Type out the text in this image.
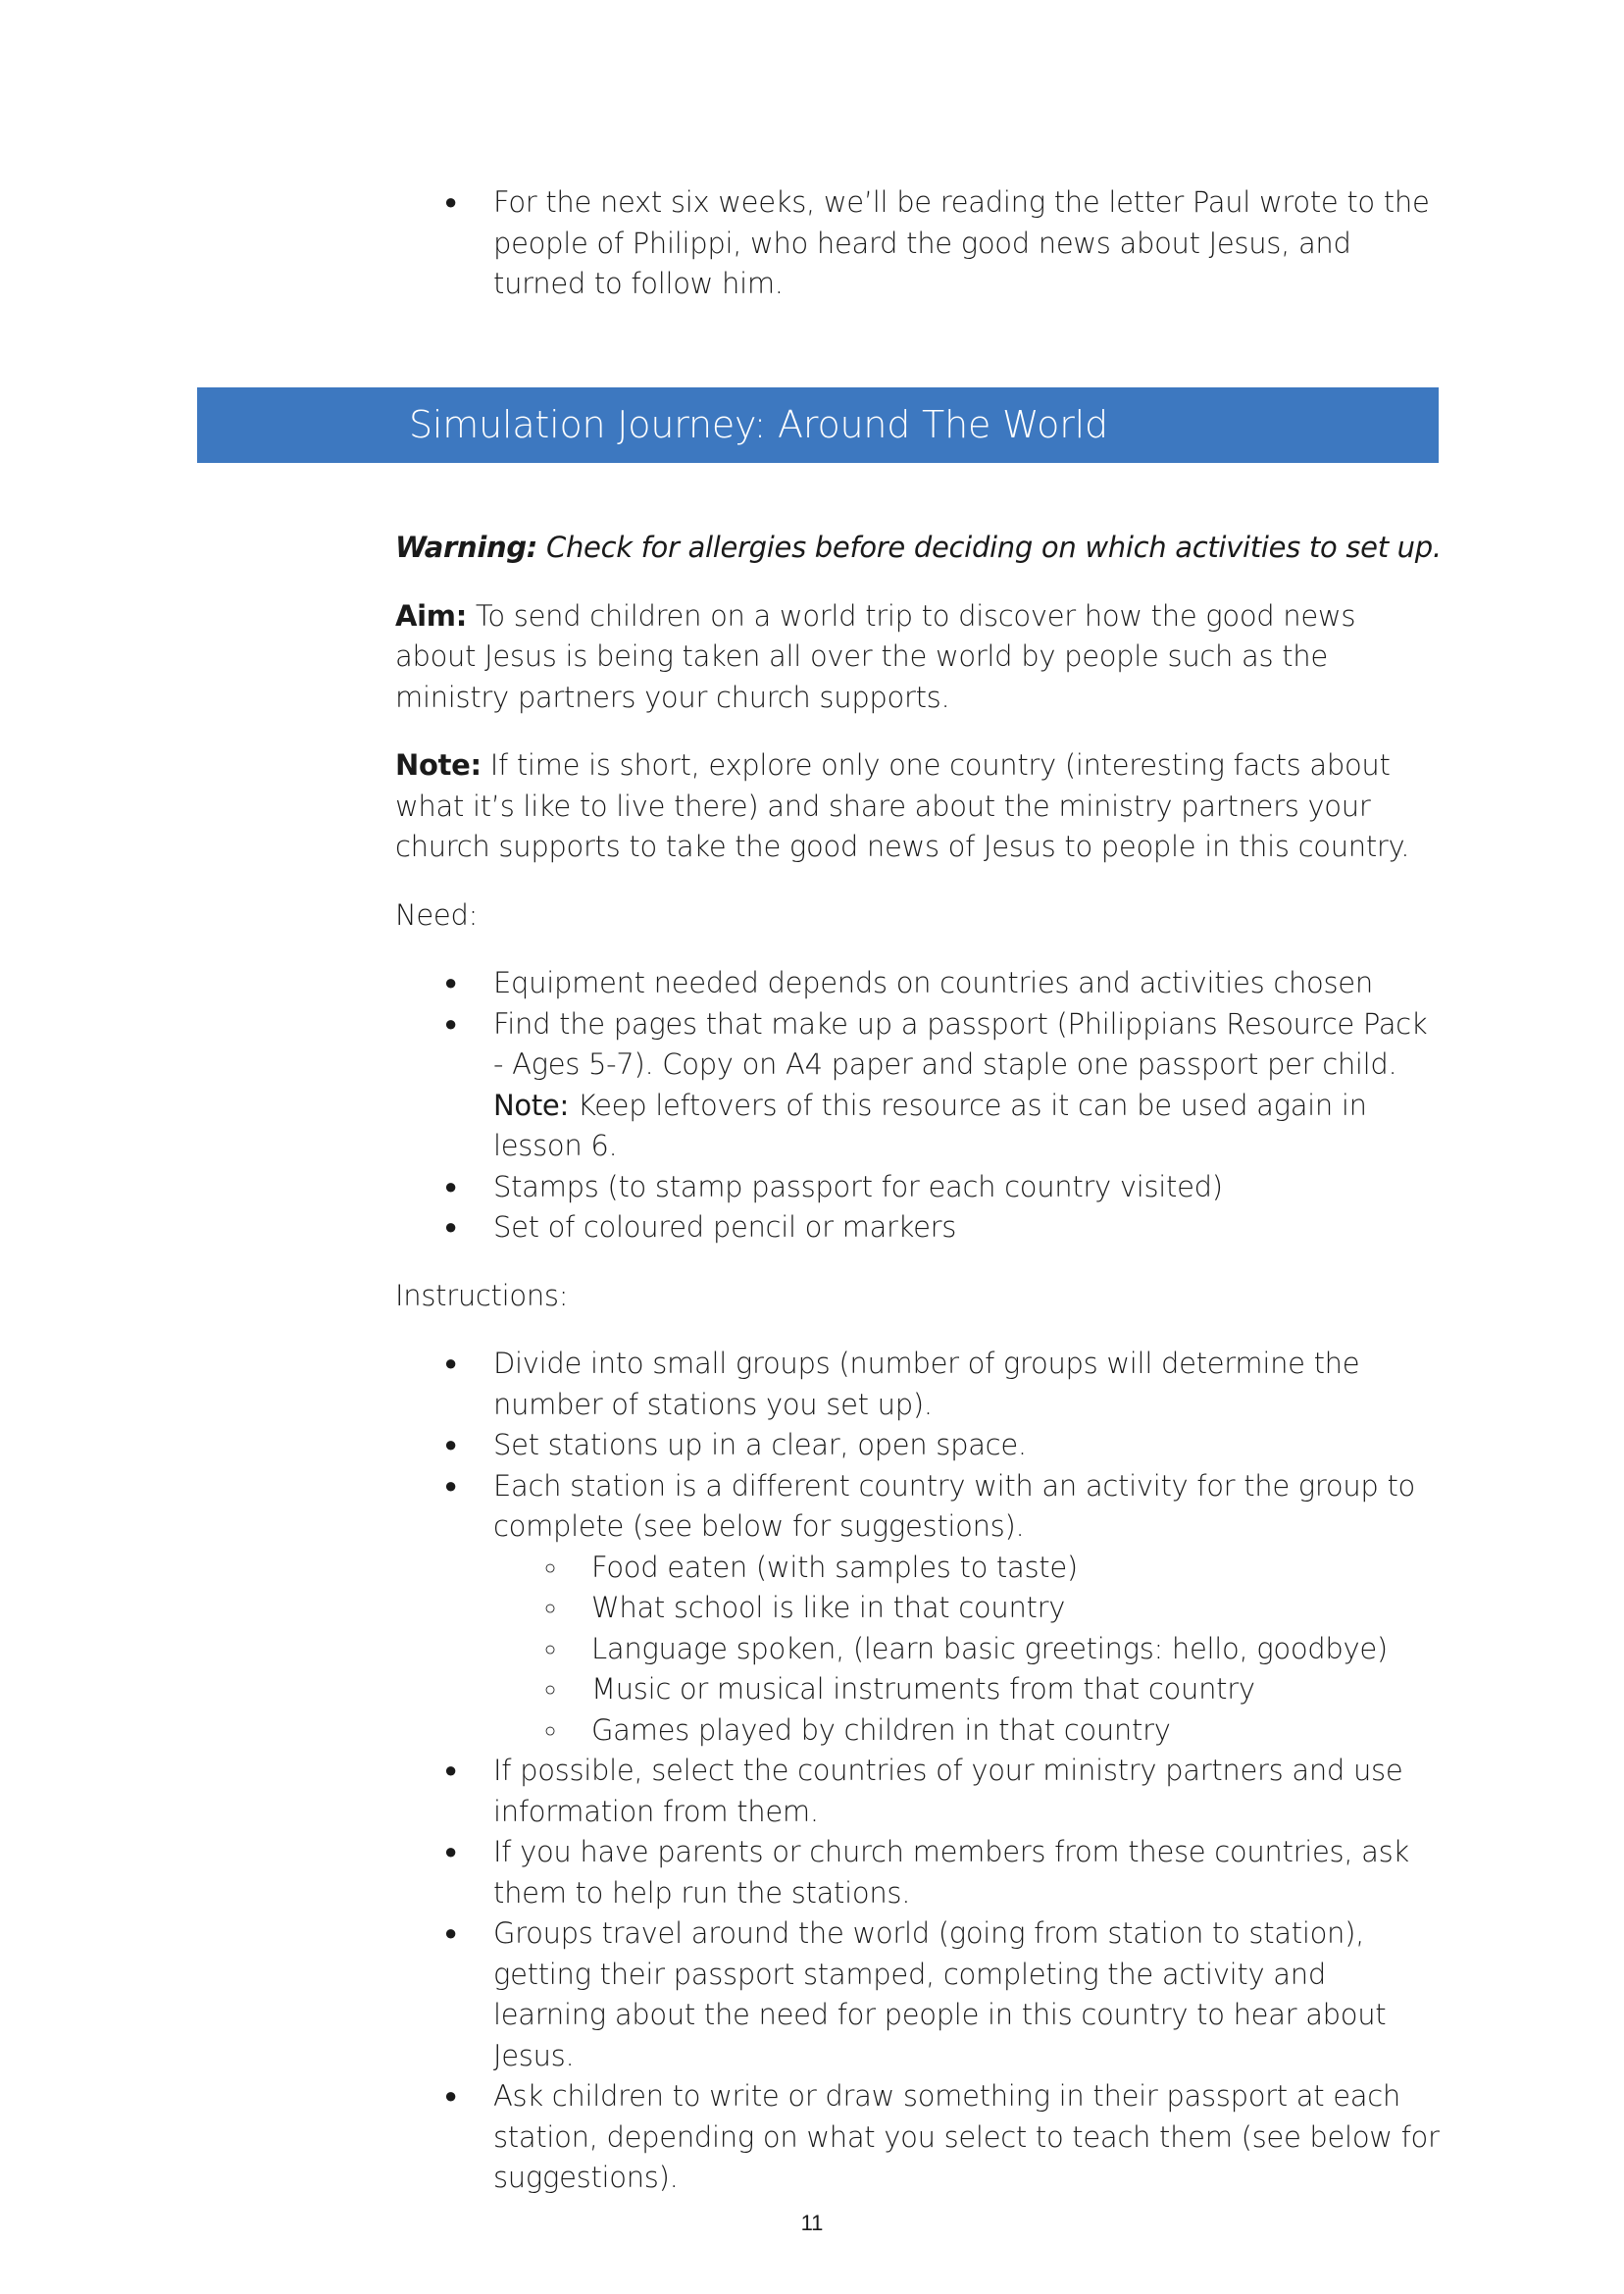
● For the next six weeks, we’ll be reading the letter Paul wrote to the people of Philippi, who heard the good news about Jesus, and turned to follow him.
Simulation Journey: Around The World

Warning: Check for allergies before deciding on which activities to set up.

Aim: To send children on a world trip to discover how the good news about Jesus is being taken all over the world by people such as the ministry partners your church supports.

Note: If time is short, explore only one country (interesting facts about what it’s like to live there) and share about the ministry partners your church supports to take the good news of Jesus to people in this country.

Need:

● Equipment needed depends on countries and activities chosen
● Find the pages that make up a passport (Philippians Resource Pack - Ages 5-7). Copy on A4 paper and staple one passport per child.
Note: Keep leftovers of this resource as it can be used again in lesson 6.
● Stamps (to stamp passport for each country visited)
● Set of coloured pencil or markers

Instructions:

● Divide into small groups (number of groups will determine the number of stations you set up).
● Set stations up in a clear, open space.
● Each station is a different country with an activity for the group to complete (see below for suggestions).
○ Food eaten (with samples to taste)
○ What school is like in that country
○ Language spoken, (learn basic greetings: hello, goodbye)
○ Music or musical instruments from that country
○ Games played by children in that country
● If possible, select the countries of your ministry partners and use information from them.
● If you have parents or church members from these countries, ask them to help run the stations.
● Groups travel around the world (going from station to station), getting their passport stamped, completing the activity and learning about the need for people in this country to hear about Jesus.
● Ask children to write or draw something in their passport at each station, depending on what you select to teach them (see below for suggestions).
11
